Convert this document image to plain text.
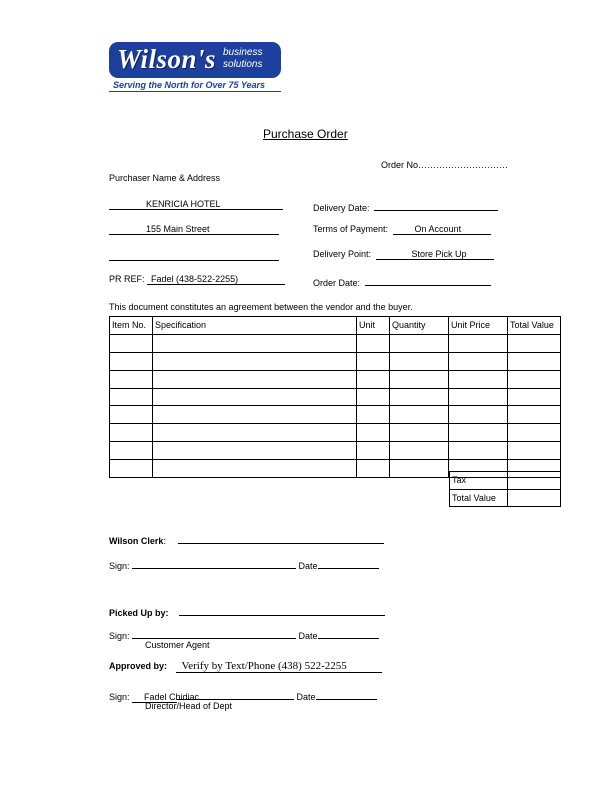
Wilson's business
solutions
Serving the North for Over 75 Years
Purchase Order
Order No…………………………
Purchaser Name & Address
KENRICIA HOTEL
155 Main Street
PR REF: Fadel (438-522-2255)
Delivery Date:
Terms of Payment:	On Account
Delivery Point:	Store Pick Up
Order Date:
This document constitutes an agreement between the vendor and the buyer.
Item No.	Specification	Unit	Quantity	Unit Price	Total Value

Tax	
Total Value	
Wilson Clerk:
Sign:	Date
Picked Up by:
Sign:	Date
Customer Agent
Approved by: Verify by Text/Phone (438) 522-2255
Sign: Fadel Chidiac	Date
Director/Head of Dept
